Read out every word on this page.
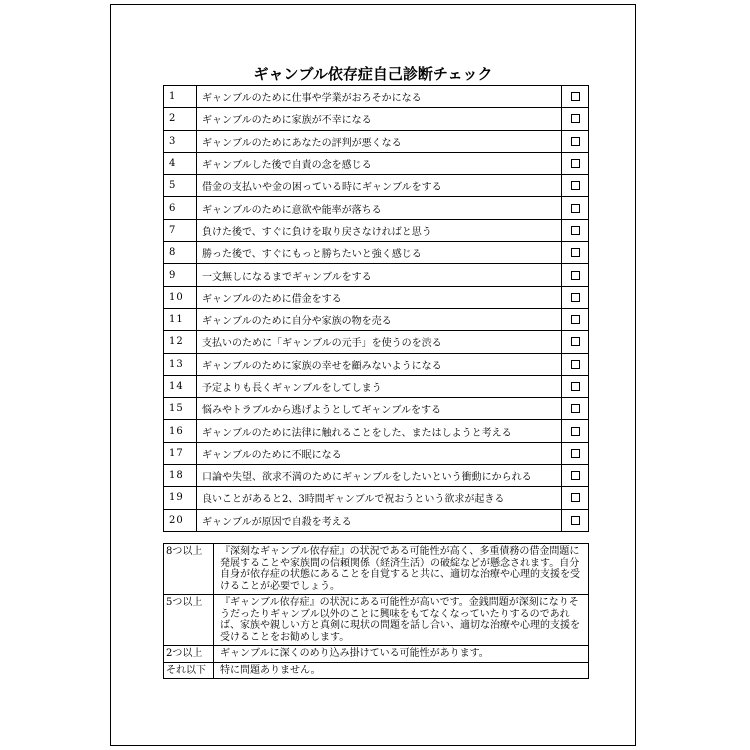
ギャンブル依存症自己診断チェック
1	ギャンブルのために仕事や学業がおろそかになる	
2	ギャンブルのために家族が不幸になる	
3	ギャンブルのためにあなたの評判が悪くなる	
4	ギャンブルした後で自責の念を感じる	
5	借金の支払いや金の困っている時にギャンブルをする	
6	ギャンブルのために意欲や能率が落ちる	
7	負けた後で、すぐに負けを取り戻さなければと思う	
8	勝った後で、すぐにもっと勝ちたいと強く感じる	
9	一文無しになるまでギャンブルをする	
10	ギャンブルのために借金をする	
11	ギャンブルのために自分や家族の物を売る	
12	支払いのために「ギャンブルの元手」を使うのを渋る	
13	ギャンブルのために家族の幸せを顧みないようになる	
14	予定よりも長くギャンブルをしてしまう	
15	悩みやトラブルから逃げようとしてギャンブルをする	
16	ギャンブルのために法律に触れることをした、またはしようと考える	
17	ギャンブルのために不眠になる	
18	口論や失望、欲求不満のためにギャンブルをしたいという衝動にかられる	
19	良いことがあると2、3時間ギャンブルで祝おうという欲求が起きる	
20	ギャンブルが原因で自殺を考える	
8つ以上	『深刻なギャンブル依存症』の状況である可能性が高く、多重債務の借金問題に発展することや家族間の信頼関係（経済生活）の破綻などが懸念されます。自分自身が依存症の状態にあることを自覚すると共に、適切な治療や心理的支援を受けることが必要でしょう。
5つ以上	『ギャンブル依存症』の状況にある可能性が高いです。金銭問題が深刻になりそうだったりギャンブル以外のことに興味をもてなくなっていたりするのであれば、家族や親しい方と真剣に現状の問題を話し合い、適切な治療や心理的支援を受けることをお勧めします。
2つ以上	ギャンブルに深くのめり込み掛けている可能性があります。
それ以下	特に問題ありません。
